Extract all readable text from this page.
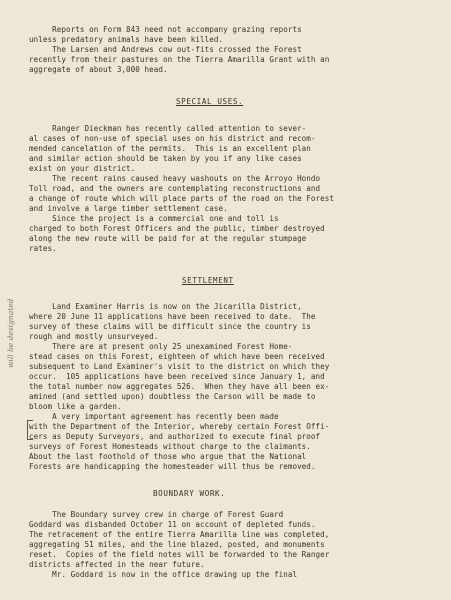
Reports on Form 843 need not accompany grazing reports
unless predatory animals have been killed.
The Larsen and Andrews cow out-fits crossed the Forest
recently from their pastures on the Tierra Amarilla Grant with an
aggregate of about 3,000 head.
SPECIAL USES.
Ranger Dieckman has recently called attention to sever-
al cases of non-use of special uses on his district and recom-
mended cancelation of the permits.  This is an excellent plan
and similar action should be taken by you if any like cases
exist on your district.
The recent rains caused heavy washouts on the Arroyo Hondo
Toll road, and the owners are contemplating reconstructions and
a change of route which will place parts of the road on the Forest
and involve a large timber settlement case.
Since the project is a commercial one and toll is
charged to both Forest Officers and the public, timber destroyed
along the new route will be paid for at the regular stumpage
rates.
SETTLEMENT
Land Examiner Harris is now on the Jicarilla District,
where 20 June 11 applications have been received to date.  The
survey of these claims will be difficult since the country is
rough and mostly unsurveyed.
There are at present only 25 unexamined Forest Home-
stead cases on this Forest, eighteen of which have been received
subsequent to Land Examiner's visit to the district on which they
occur.  105 applications have been received since January 1, and
the total number now aggregates 526.  When they have all been ex-
amined (and settled upon) doubtless the Carson will be made to
bloom like a garden.
A very important agreement has recently been made
with the Department of the Interior, whereby certain Forest Offi-
cers as Deputy Surveyors, and authorized to execute final proof
surveys of Forest Homesteads without charge to the claimants.
About the last foothold of those who argue that the National
Forests are handicapping the homesteader will thus be removed.
BOUNDARY WORK.
The Boundary survey crew in charge of Forest Guard
Goddard was disbanded October 11 on account of depleted funds.
The retracement of the entire Tierra Amarilla line was completed,
aggregating 51 miles, and the line blazed, posted, and monuments
reset.  Copies of the field notes will be forwarded to the Ranger
districts affected in the near future.
Mr. Goddard is now in the office drawing up the final
will be designated
